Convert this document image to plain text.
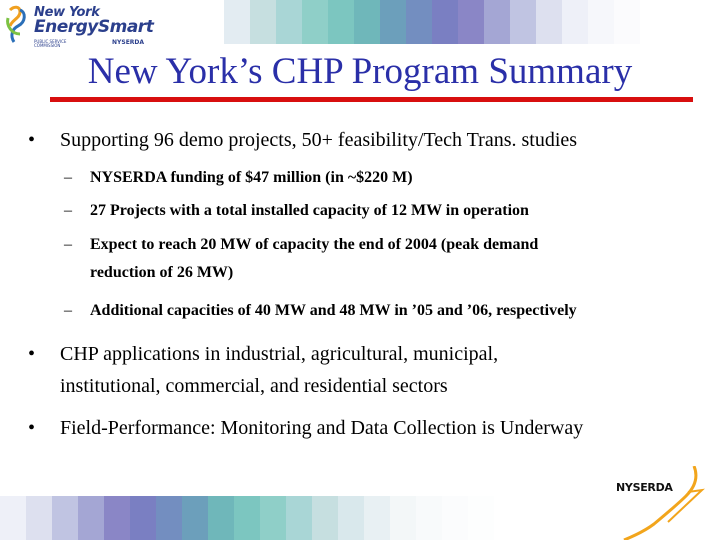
New York
EnergySmart
PUBLIC SERVICE COMMISSION	NYSERDA
New York’s CHP Program Summary
• Supporting 96 demo projects, 50+ feasibility/Tech Trans. studies
– NYSERDA funding of $47 million (in ~$220 M)
– 27 Projects with a total installed capacity of 12 MW in operation
– Expect to reach 20 MW of capacity the end of 2004 (peak demand
reduction of 26 MW)
– Additional capacities of 40 MW and 48 MW in ’05 and ’06, respectively
• CHP applications in industrial, agricultural, municipal,
institutional, commercial, and residential sectors
• Field-Performance: Monitoring and Data Collection is Underway
NYSERDA
